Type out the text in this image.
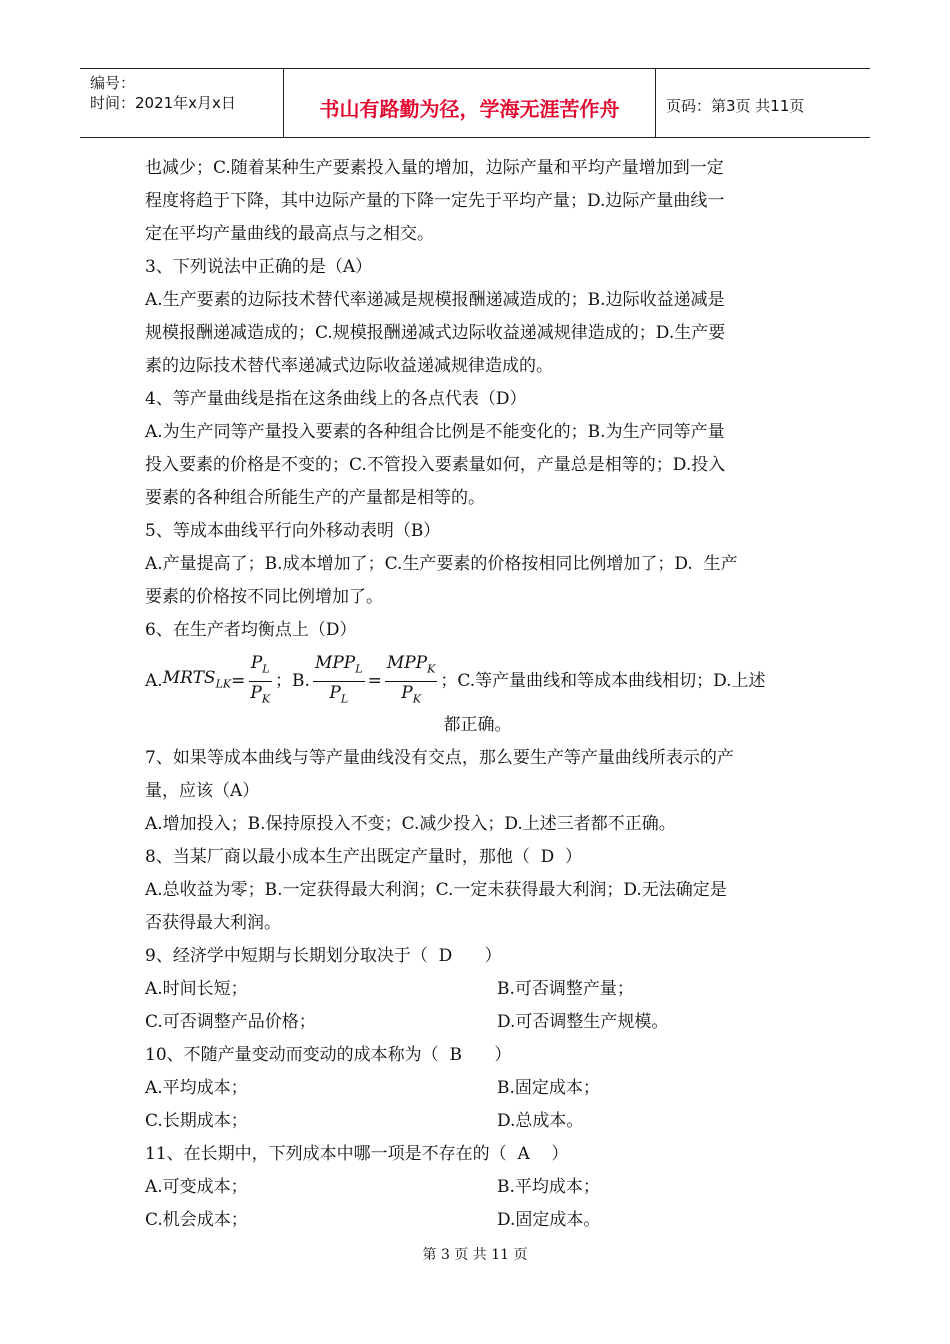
编号：
时间：2021年x月x日	书山有路勤为径，学海无涯苦作舟	页码：第3页 共11页

也减少；C.随着某种生产要素投入量的增加，边际产量和平均产量增加到一定

程度将趋于下降，其中边际产量的下降一定先于平均产量；D.边际产量曲线一

定在平均产量曲线的最高点与之相交。

3、下列说法中正确的是（A）

A.生产要素的边际技术替代率递减是规模报酬递减造成的；B.边际收益递减是

规模报酬递减造成的；C.规模报酬递减式边际收益递减规律造成的；D.生产要

素的边际技术替代率递减式边际收益递减规律造成的。

4、等产量曲线是指在这条曲线上的各点代表（D）

A.为生产同等产量投入要素的各种组合比例是不能变化的；B.为生产同等产量

投入要素的价格是不变的；C.不管投入要素量如何，产量总是相等的；D.投入

要素的各种组合所能生产的产量都是相等的。

5、等成本曲线平行向外移动表明（B）

A.产量提高了；B.成本增加了；C.生产要素的价格按相同比例增加了；D.  生产

要素的价格按不同比例增加了。

6、在生产者均衡点上（D）

A. $MRTS_{LK} = \frac{P_L}{P_K}$ ；B. $\frac{MPP_L}{P_L} = \frac{MPP_K}{P_K}$ ；C.等产量曲线和等成本曲线相切；D.上述

都正确。

7、如果等成本曲线与等产量曲线没有交点，那么要生产等产量曲线所表示的产

量，应该（A）

A.增加投入；B.保持原投入不变；C.减少投入；D.上述三者都不正确。

8、当某厂商以最小成本生产出既定产量时，那他（  D  ）

A.总收益为零；B.一定获得最大利润；C.一定未获得最大利润；D.无法确定是

否获得最大利润。

9、经济学中短期与长期划分取决于（  D      ）

A.时间长短；	B.可否调整产量；
C.可否调整产品价格；	D.可否调整生产规模。

10、不随产量变动而变动的成本称为（  B      ）

A.平均成本；	B.固定成本；
C.长期成本；	D.总成本。

11、在长期中，下列成本中哪一项是不存在的（  A    ）

A.可变成本；	B.平均成本；
C.机会成本；	D.固定成本。
第 3 页 共 11 页
